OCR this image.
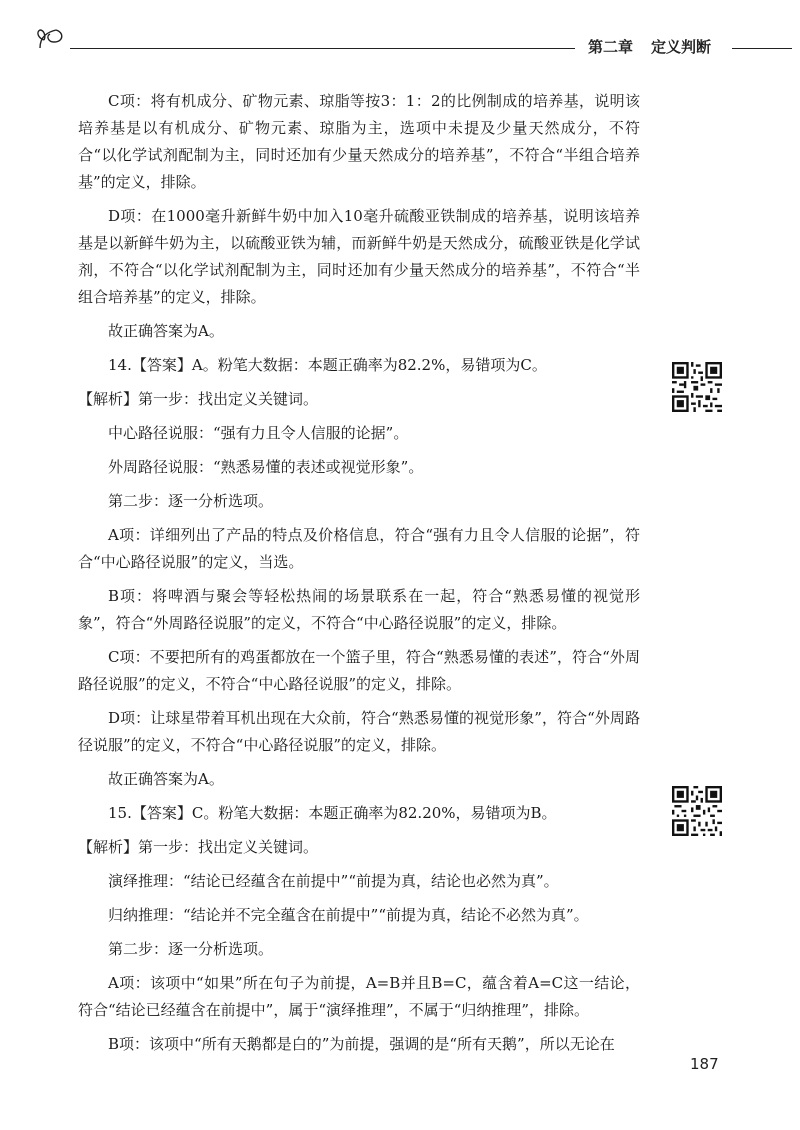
第二章 定义判断

C项：将有机成分、矿物元素、琼脂等按3：1：2的比例制成的培养基，说明该培养基是以有机成分、矿物元素、琼脂为主，选项中未提及少量天然成分，不符合“以化学试剂配制为主，同时还加有少量天然成分的培养基”，不符合“半组合培养基”的定义，排除。

D项：在1000毫升新鲜牛奶中加入10毫升硫酸亚铁制成的培养基，说明该培养基是以新鲜牛奶为主，以硫酸亚铁为辅，而新鲜牛奶是天然成分，硫酸亚铁是化学试剂，不符合“以化学试剂配制为主，同时还加有少量天然成分的培养基”，不符合“半组合培养基”的定义，排除。

故正确答案为A。

14.【答案】A。粉笔大数据：本题正确率为82.2%，易错项为C。

【解析】第一步：找出定义关键词。

中心路径说服：“强有力且令人信服的论据”。

外周路径说服：“熟悉易懂的表述或视觉形象”。

第二步：逐一分析选项。

A项：详细列出了产品的特点及价格信息，符合“强有力且令人信服的论据”，符合“中心路径说服”的定义，当选。

B项：将啤酒与聚会等轻松热闹的场景联系在一起，符合“熟悉易懂的视觉形象”，符合“外周路径说服”的定义，不符合“中心路径说服”的定义，排除。

C项：不要把所有的鸡蛋都放在一个篮子里，符合“熟悉易懂的表述”，符合“外周路径说服”的定义，不符合“中心路径说服”的定义，排除。

D项：让球星带着耳机出现在大众前，符合“熟悉易懂的视觉形象”，符合“外周路径说服”的定义，不符合“中心路径说服”的定义，排除。

故正确答案为A。

15.【答案】C。粉笔大数据：本题正确率为82.20%，易错项为B。

【解析】第一步：找出定义关键词。

演绎推理：“结论已经蕴含在前提中”“前提为真，结论也必然为真”。

归纳推理：“结论并不完全蕴含在前提中”“前提为真，结论不必然为真”。

第二步：逐一分析选项。

A项：该项中“如果”所在句子为前提，A=B并且B=C，蕴含着A=C这一结论，符合“结论已经蕴含在前提中”，属于“演绎推理”，不属于“归纳推理”，排除。

B项：该项中“所有天鹅都是白的”为前提，强调的是“所有天鹅”，所以无论在

187
